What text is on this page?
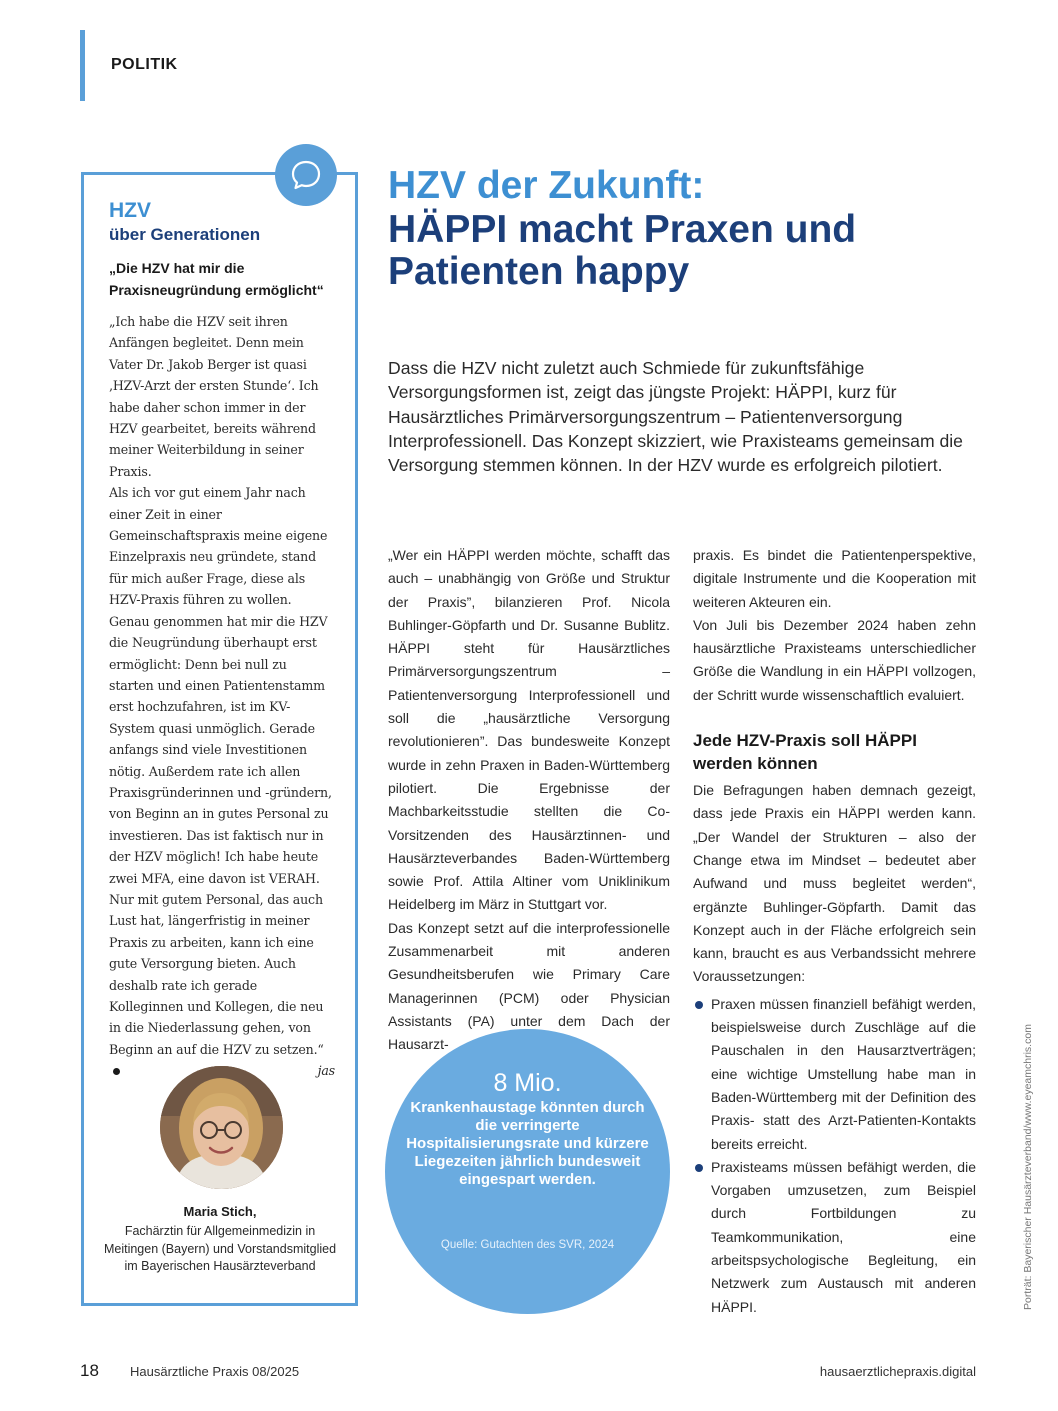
POLITIK
HZV
über Generationen
„Die HZV hat mir die Praxisneugründung ermöglicht“

„Ich habe die HZV seit ihren Anfängen begleitet. Denn mein Vater Dr. Jakob Berger ist quasi ‚HZV-Arzt der ersten Stunde‘. Ich habe daher schon immer in der HZV gearbeitet, bereits während meiner Weiterbildung in seiner Praxis.

Als ich vor gut einem Jahr nach einer Zeit in einer Gemeinschaftspraxis meine eigene Einzelpraxis neu gründete, stand für mich außer Frage, diese als HZV-Praxis führen zu wollen.

Genau genommen hat mir die HZV die Neugründung überhaupt erst ermöglicht: Denn bei null zu starten und einen Patientenstamm erst hochzufahren, ist im KV-System quasi unmöglich. Gerade anfangs sind viele Investitionen nötig. Außerdem rate ich allen Praxisgründerinnen und -gründern, von Beginn an in gutes Personal zu investieren. Das ist faktisch nur in der HZV möglich! Ich habe heute zwei MFA, eine davon ist VERAH. Nur mit gutem Personal, das auch Lust hat, längerfristig in meiner Praxis zu arbeiten, kann ich eine gute Versorgung bieten. Auch deshalb rate ich gerade Kolleginnen und Kollegen, die neu in die Niederlassung gehen, von Beginn an auf die HZV zu setzen.“
jas

Maria Stich,
Fachärztin für Allgemeinmedizin in Meitingen (Bayern) und Vorstandsmitglied im Bayerischen Hausärzteverband
HZV der Zukunft:
HÄPPI macht Praxen und Patienten happy
Dass die HZV nicht zuletzt auch Schmiede für zukunftsfähige Versorgungsformen ist, zeigt das jüngste Projekt: HÄPPI, kurz für Hausärztliches Primärversorgungszentrum – Patientenversorgung Interprofessionell. Das Konzept skizziert, wie Praxisteams gemeinsam die Versorgung stemmen können. In der HZV wurde es erfolgreich pilotiert.

„Wer ein HÄPPI werden möchte, schafft das auch – unabhängig von Größe und Struktur der Praxis”, bilanzieren Prof. Nicola Buhlinger-Göpfarth und Dr. Susanne Bublitz. HÄPPI steht für Hausärztliches Primärversorgungszentrum – Patientenversorgung Interprofessionell und soll die „hausärztliche Versorgung revolutionieren”. Das bundesweite Konzept wurde in zehn Praxen in Baden-Württemberg pilotiert. Die Ergebnisse der Machbarkeitsstudie stellten die Co-Vorsitzenden des Hausärztinnen- und Hausärzteverbandes Baden-Württemberg sowie Prof. Attila Altiner vom Uniklinikum Heidelberg im März in Stuttgart vor.

Das Konzept setzt auf die interprofessionelle Zusammenarbeit mit anderen Gesundheitsberufen wie Primary Care Managerinnen (PCM) oder Physician Assistants (PA) unter dem Dach der Hausarzt-

praxis. Es bindet die Patientenperspektive, digitale Instrumente und die Kooperation mit weiteren Akteuren ein.

Von Juli bis Dezember 2024 haben zehn hausärztliche Praxisteams unterschiedlicher Größe die Wandlung in ein HÄPPI vollzogen, der Schritt wurde wissenschaftlich evaluiert.

Jede HZV-Praxis soll HÄPPI werden können

Die Befragungen haben demnach gezeigt, dass jede Praxis ein HÄPPI werden kann. „Der Wandel der Strukturen – also der Change etwa im Mindset – bedeutet aber Aufwand und muss begleitet werden“, ergänzte Buhlinger-Göpfarth. Damit das Konzept auch in der Fläche erfolgreich sein kann, braucht es aus Verbandssicht mehrere Voraussetzungen:

Praxen müssen finanziell befähigt werden, beispielsweise durch Zuschläge auf die Pauschalen in den Hausarztverträgen; eine wichtige Umstellung habe man in Baden-Württemberg mit der Definition des Praxis- statt des Arzt-Patienten-Kontakts bereits erreicht.
Praxisteams müssen befähigt werden, die Vorgaben umzusetzen, zum Beispiel durch Fortbildungen zu Teamkommunikation, eine arbeitspsychologische Begleitung, ein Netzwerk zum Austausch mit anderen HÄPPI.
8 Mio.
Krankenhaustage könnten durch die verringerte Hospitalisierungsrate und kürzere Liegezeiten jährlich bundesweit eingespart werden.
Quelle: Gutachten des SVR, 2024	Porträt: Bayerischer Hausärzteverband/www.eyeamchris.com
18 Hausärztliche Praxis 08/2025	hausaerztlichepraxis.digital
